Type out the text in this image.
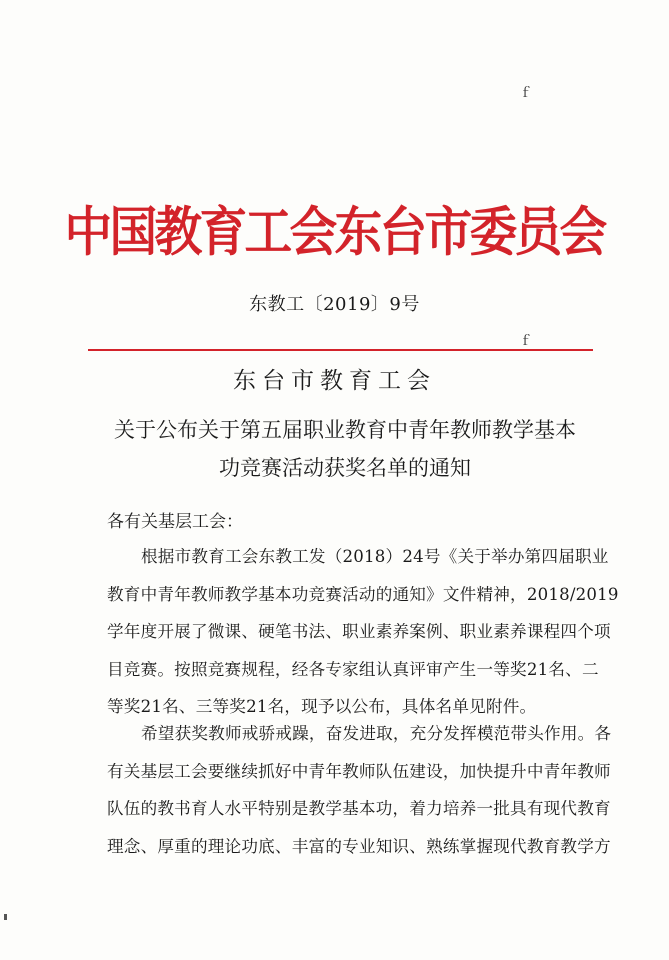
ｆ
中国教育工会东台市委员会
东教工〔2019〕9号
ｆ
东台市教育工会
关于公布关于第五届职业教育中青年教师教学基本
功竞赛活动获奖名单的通知
各有关基层工会：
根据市教育工会东教工发（2018）24号《关于举办第四届职业
教育中青年教师教学基本功竞赛活动的通知》文件精神，2018/2019
学年度开展了微课、硬笔书法、职业素养案例、职业素养课程四个项
目竞赛。按照竞赛规程，经各专家组认真评审产生一等奖21名、二
等奖21名、三等奖21名，现予以公布，具体名单见附件。
希望获奖教师戒骄戒躁，奋发进取，充分发挥模范带头作用。各
有关基层工会要继续抓好中青年教师队伍建设，加快提升中青年教师
队伍的教书育人水平特别是教学基本功，着力培养一批具有现代教育
理念、厚重的理论功底、丰富的专业知识、熟练掌握现代教育教学方
